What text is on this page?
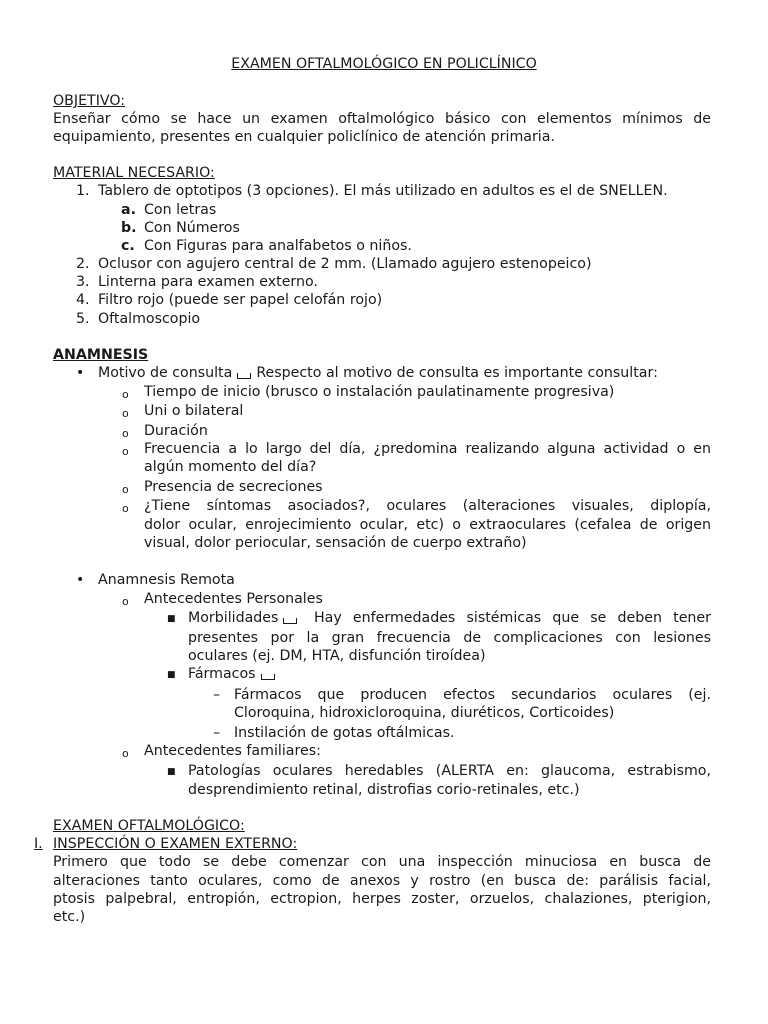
EXAMEN OFTALMOLÓGICO EN POLICLÍNICO
OBJETIVO:
Enseñar cómo se hace un examen oftalmológico básico con elementos mínimos de
equipamiento, presentes en cualquier policlínico de atención primaria.
MATERIAL NECESARIO:
1. Tablero de optotipos (3 opciones). El más utilizado en adultos es el de SNELLEN.
a. Con letras
b. Con Números
c. Con Figuras para analfabetos o niños.
2. Oclusor con agujero central de 2 mm. (Llamado agujero estenopeico)
3. Linterna para examen externo.
4. Filtro rojo (puede ser papel celofán rojo)
5. Oftalmoscopio
ANAMNESIS
• Motivo de consulta Respecto al motivo de consulta es importante consultar:
o Tiempo de inicio (brusco o instalación paulatinamente progresiva)
o Uni o bilateral
o Duración
o Frecuencia a lo largo del día, ¿predomina realizando alguna actividad o en
algún momento del día?
o Presencia de secreciones
o ¿Tiene síntomas asociados?, oculares (alteraciones visuales, diplopía,
dolor ocular, enrojecimiento ocular, etc) o extraoculares (cefalea de origen
visual, dolor periocular, sensación de cuerpo extraño)
• Anamnesis Remota
o Antecedentes Personales
■ Morbilidades	Hay enfermedades sistémicas que se deben tener
presentes por la gran frecuencia de complicaciones con lesiones
oculares (ej. DM, HTA, disfunción tiroídea)
■ Fármacos
– Fármacos que producen efectos secundarios oculares (ej.
Cloroquina, hidroxicloroquina, diuréticos, Corticoides)
– Instilación de gotas oftálmicas.
o Antecedentes familiares:
■ Patologías oculares heredables (ALERTA en: glaucoma, estrabismo,
desprendimiento retinal, distrofias corio-retinales, etc.)
EXAMEN OFTALMOLÓGICO:
I. INSPECCIÓN O EXAMEN EXTERNO:
Primero que todo se debe comenzar con una inspección minuciosa en busca de
alteraciones tanto oculares, como de anexos y rostro (en busca de: parálisis facial,
ptosis palpebral, entropión, ectropion, herpes zoster, orzuelos, chalaziones, pterigion,
etc.)
